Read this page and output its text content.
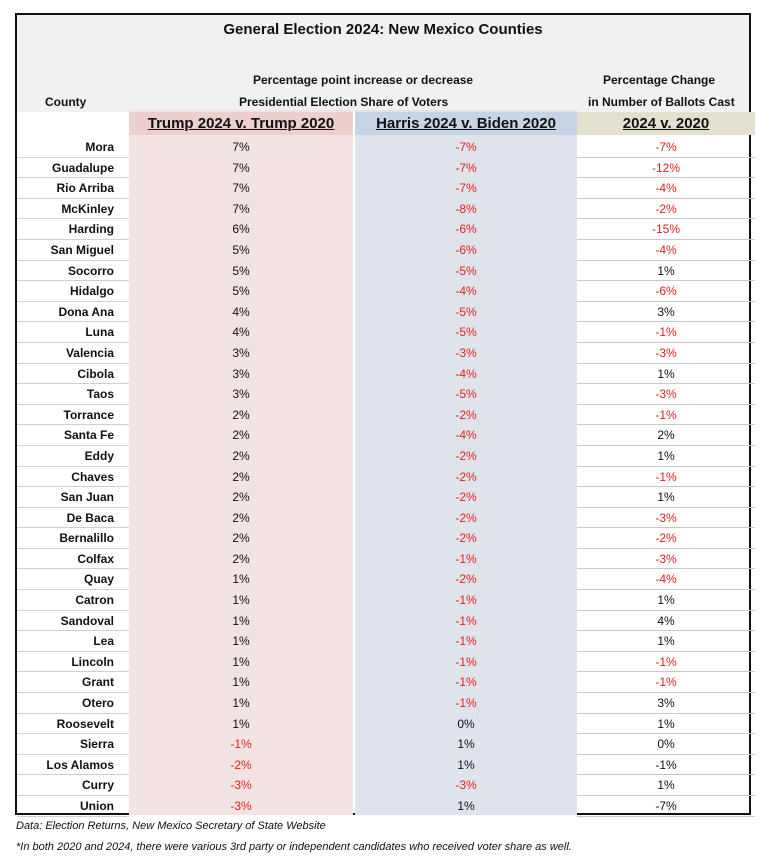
General Election 2024: New Mexico Counties
Percentage point increase or decrease
Presidential Election Share of Voters
Percentage Change
in Number of Ballots Cast
County
Trump 2024 v. Trump 2020	Harris 2024 v. Biden 2020	2024 v. 2020
Mora	7%	-7%	-7%
Guadalupe	7%	-7%	-12%
Rio Arriba	7%	-7%	-4%
McKinley	7%	-8%	-2%
Harding	6%	-6%	-15%
San Miguel	5%	-6%	-4%
Socorro	5%	-5%	1%
Hidalgo	5%	-4%	-6%
Dona Ana	4%	-5%	3%
Luna	4%	-5%	-1%
Valencia	3%	-3%	-3%
Cibola	3%	-4%	1%
Taos	3%	-5%	-3%
Torrance	2%	-2%	-1%
Santa Fe	2%	-4%	2%
Eddy	2%	-2%	1%
Chaves	2%	-2%	-1%
San Juan	2%	-2%	1%
De Baca	2%	-2%	-3%
Bernalillo	2%	-2%	-2%
Colfax	2%	-1%	-3%
Quay	1%	-2%	-4%
Catron	1%	-1%	1%
Sandoval	1%	-1%	4%
Lea	1%	-1%	1%
Lincoln	1%	-1%	-1%
Grant	1%	-1%	-1%
Otero	1%	-1%	3%
Roosevelt	1%	0%	1%
Sierra	-1%	1%	0%
Los Alamos	-2%	1%	-1%
Curry	-3%	-3%	1%
Union	-3%	1%	-7%
Data: Election Returns, New Mexico Secretary of State Website
*In both 2020 and 2024, there were various 3rd party or independent candidates who received voter share as well.
